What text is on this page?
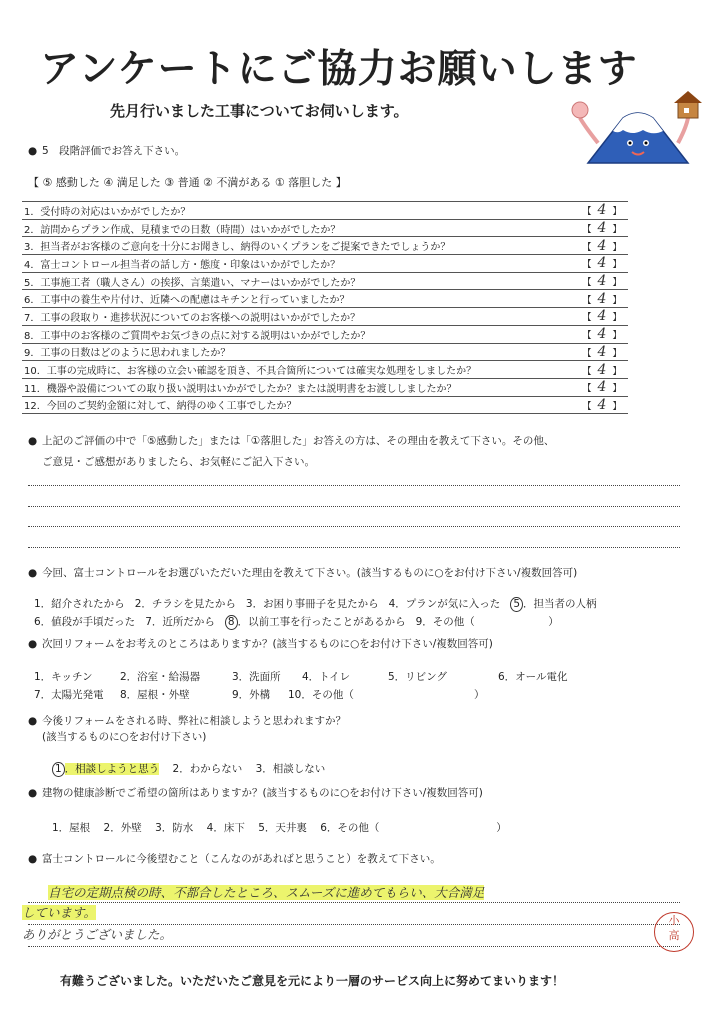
アンケートにご協力お願いします
先月行いました工事についてお伺いします。
● 5　段階評価でお答え下さい。
【 ⑤ 感動した ④ 満足した ③ 普通 ② 不満がある ① 落胆した 】
1．受付時の対応はいかがでしたか？	【 4 】
2．訪問からプラン作成、見積までの日数（時間）はいかがでしたか？	【 4 】
3．担当者がお客様のご意向を十分にお聞きし、納得のいくプランをご提案できたでしょうか？	【 4 】
4．富士コントロール担当者の話し方・態度・印象はいかがでしたか？	【 4 】
5．工事施工者（職人さん）の挨拶、言葉遣い、マナーはいかがでしたか？	【 4 】
6．工事中の養生や片付け、近隣への配慮はキチンと行っていましたか？	【 4 】
7．工事の段取り・進捗状況についてのお客様への説明はいかがでしたか？	【 4 】
8．工事中のお客様のご質問やお気づきの点に対する説明はいかがでしたか？	【 4 】
9．工事の日数はどのように思われましたか？	【 4 】
10．工事の完成時に、お客様の立会い確認を頂き、不具合箇所については確実な処理をしましたか？	【 4 】
11．機器や設備についての取り扱い説明はいかがでしたか？または説明書をお渡ししましたか？	【 4 】
12．今回のご契約金額に対して、納得のゆく工事でしたか？	【 4 】
● 上記のご評価の中で「⑤感動した」または「①落胆した」お答えの方は、その理由を教えて下さい。その他、
ご意見・ご感想がありましたら、お気軽にご記入下さい。
● 今回、富士コントロールをお選びいただいた理由を教えて下さい。(該当するものに○をお付け下さい/複数回答可)
1．紹介されたから 2．チラシを見たから 3．お困り事冊子を見たから 4．プランが気に入った 5 ．担当者の人柄
6．値段が手頃だった 7．近所だから 8 ．以前工事を行ったことがあるから 9．その他（	）
● 次回リフォームをお考えのところはありますか？(該当するものに○をお付け下さい/複数回答可)
1．キッチン	2．浴室・給湯器	3．洗面所 4．トイレ	5．リビング	6．オール電化
7．太陽光発電 8．屋根・外壁	9．外構 10．その他（	）
● 今後リフォームをされる時、弊社に相談しようと思われますか？
(該当するものに○をお付け下さい)
1 ．相談しようと思う 2．わからない 3．相談しない
● 建物の健康診断でご希望の箇所はありますか？(該当するものに○をお付け下さい/複数回答可)
1．屋根 2．外壁 3．防水 4．床下 5．天井裏 6．その他（	）
● 富士コントロールに今後望むこと（こんなのがあればと思うこと）を教えて下さい。
自宅の定期点検の時、不都合したところ、スムーズに進めてもらい、大合満足
しています。
ありがとうございました。
小
高
有難うございました。いただいたご意見を元により一層のサービス向上に努めてまいります！
